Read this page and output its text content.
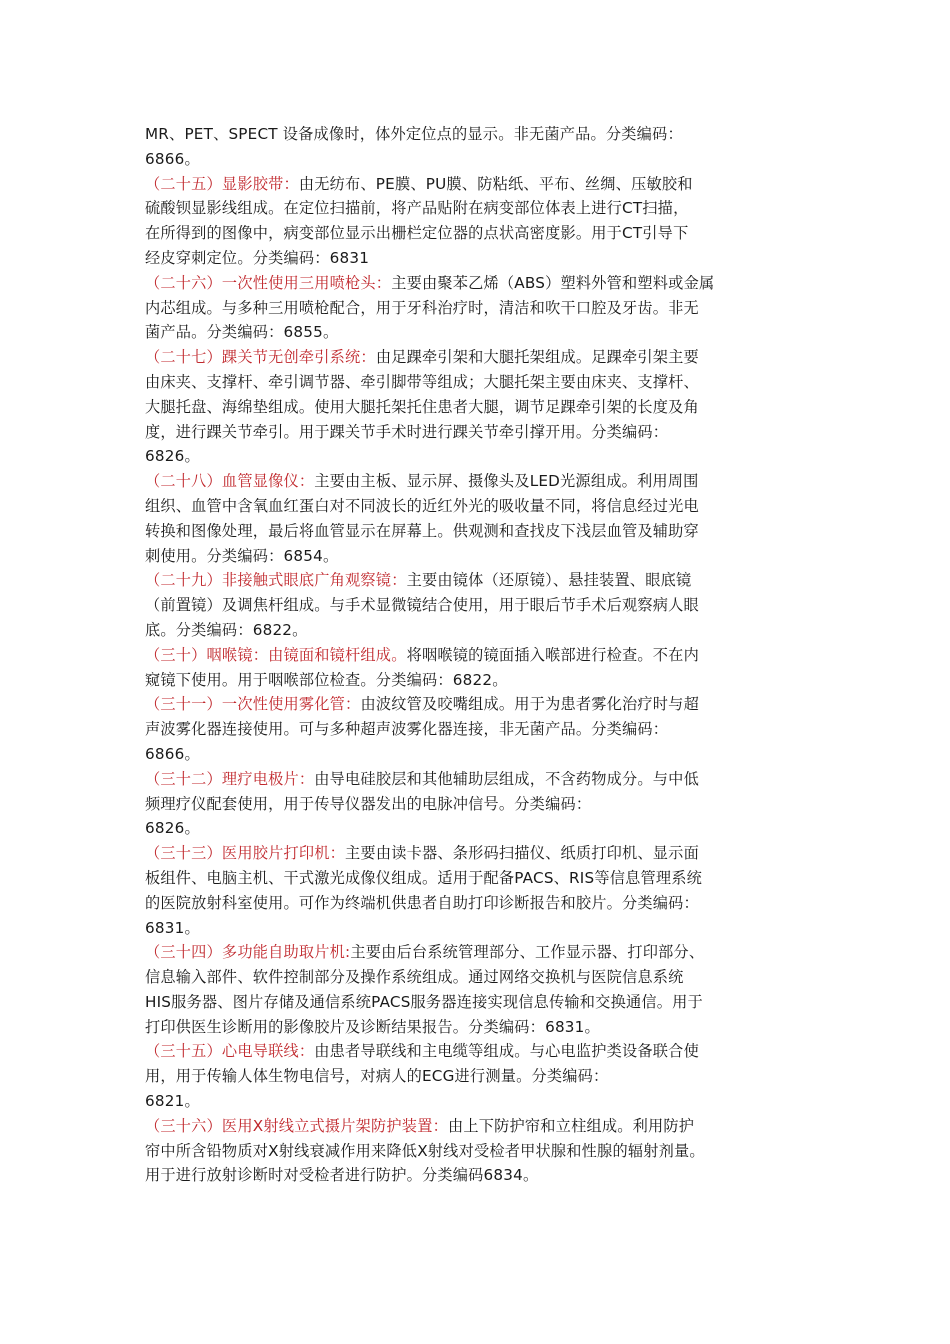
MR、PET、SPECT 设备成像时，体外定位点的显示。非无菌产品。分类编码：
6866。

（二十五）显影胶带：由无纺布、PE膜、PU膜、防粘纸、平布、丝绸、压敏胶和
硫酸钡显影线组成。在定位扫描前，将产品贴附在病变部位体表上进行CT扫描，
在所得到的图像中，病变部位显示出栅栏定位器的点状高密度影。用于CT引导下
经皮穿刺定位。分类编码：6831

（二十六）一次性使用三用喷枪头：主要由聚苯乙烯（ABS）塑料外管和塑料或金属
内芯组成。与多种三用喷枪配合，用于牙科治疗时，清洁和吹干口腔及牙齿。非无
菌产品。分类编码：6855。

（二十七）踝关节无创牵引系统：由足踝牵引架和大腿托架组成。足踝牵引架主要
由床夹、支撑杆、牵引调节器、牵引脚带等组成；大腿托架主要由床夹、支撑杆、
大腿托盘、海绵垫组成。使用大腿托架托住患者大腿，调节足踝牵引架的长度及角
度，进行踝关节牵引。用于踝关节手术时进行踝关节牵引撑开用。分类编码：
6826。

（二十八）血管显像仪：主要由主板、显示屏、摄像头及LED光源组成。利用周围
组织、血管中含氧血红蛋白对不同波长的近红外光的吸收量不同，将信息经过光电
转换和图像处理，最后将血管显示在屏幕上。供观测和查找皮下浅层血管及辅助穿
刺使用。分类编码：6854。

（二十九）非接触式眼底广角观察镜：主要由镜体（还原镜）、悬挂装置、眼底镜
（前置镜）及调焦杆组成。与手术显微镜结合使用，用于眼后节手术后观察病人眼
底。分类编码：6822。

（三十）咽喉镜：由镜面和镜杆组成。将咽喉镜的镜面插入喉部进行检查。不在内
窥镜下使用。用于咽喉部位检查。分类编码：6822。

（三十一）一次性使用雾化管：由波纹管及咬嘴组成。用于为患者雾化治疗时与超
声波雾化器连接使用。可与多种超声波雾化器连接，非无菌产品。分类编码：
6866。

（三十二）理疗电极片：由导电硅胶层和其他辅助层组成，不含药物成分。与中低
频理疗仪配套使用，用于传导仪器发出的电脉冲信号。分类编码：
6826。

（三十三）医用胶片打印机：主要由读卡器、条形码扫描仪、纸质打印机、显示面
板组件、电脑主机、干式激光成像仪组成。适用于配备PACS、RIS等信息管理系统
的医院放射科室使用。可作为终端机供患者自助打印诊断报告和胶片。分类编码：
6831。

（三十四）多功能自助取片机:主要由后台系统管理部分、工作显示器、打印部分、
信息输入部件、软件控制部分及操作系统组成。通过网络交换机与医院信息系统
HIS服务器、图片存储及通信系统PACS服务器连接实现信息传输和交换通信。用于
打印供医生诊断用的影像胶片及诊断结果报告。分类编码：6831。

（三十五）心电导联线：由患者导联线和主电缆等组成。与心电监护类设备联合使
用，用于传输人体生物电信号，对病人的ECG进行测量。分类编码：
6821。

（三十六）医用X射线立式摄片架防护装置：由上下防护帘和立柱组成。利用防护
帘中所含铅物质对X射线衰减作用来降低X射线对受检者甲状腺和性腺的辐射剂量。
用于进行放射诊断时对受检者进行防护。分类编码6834。
